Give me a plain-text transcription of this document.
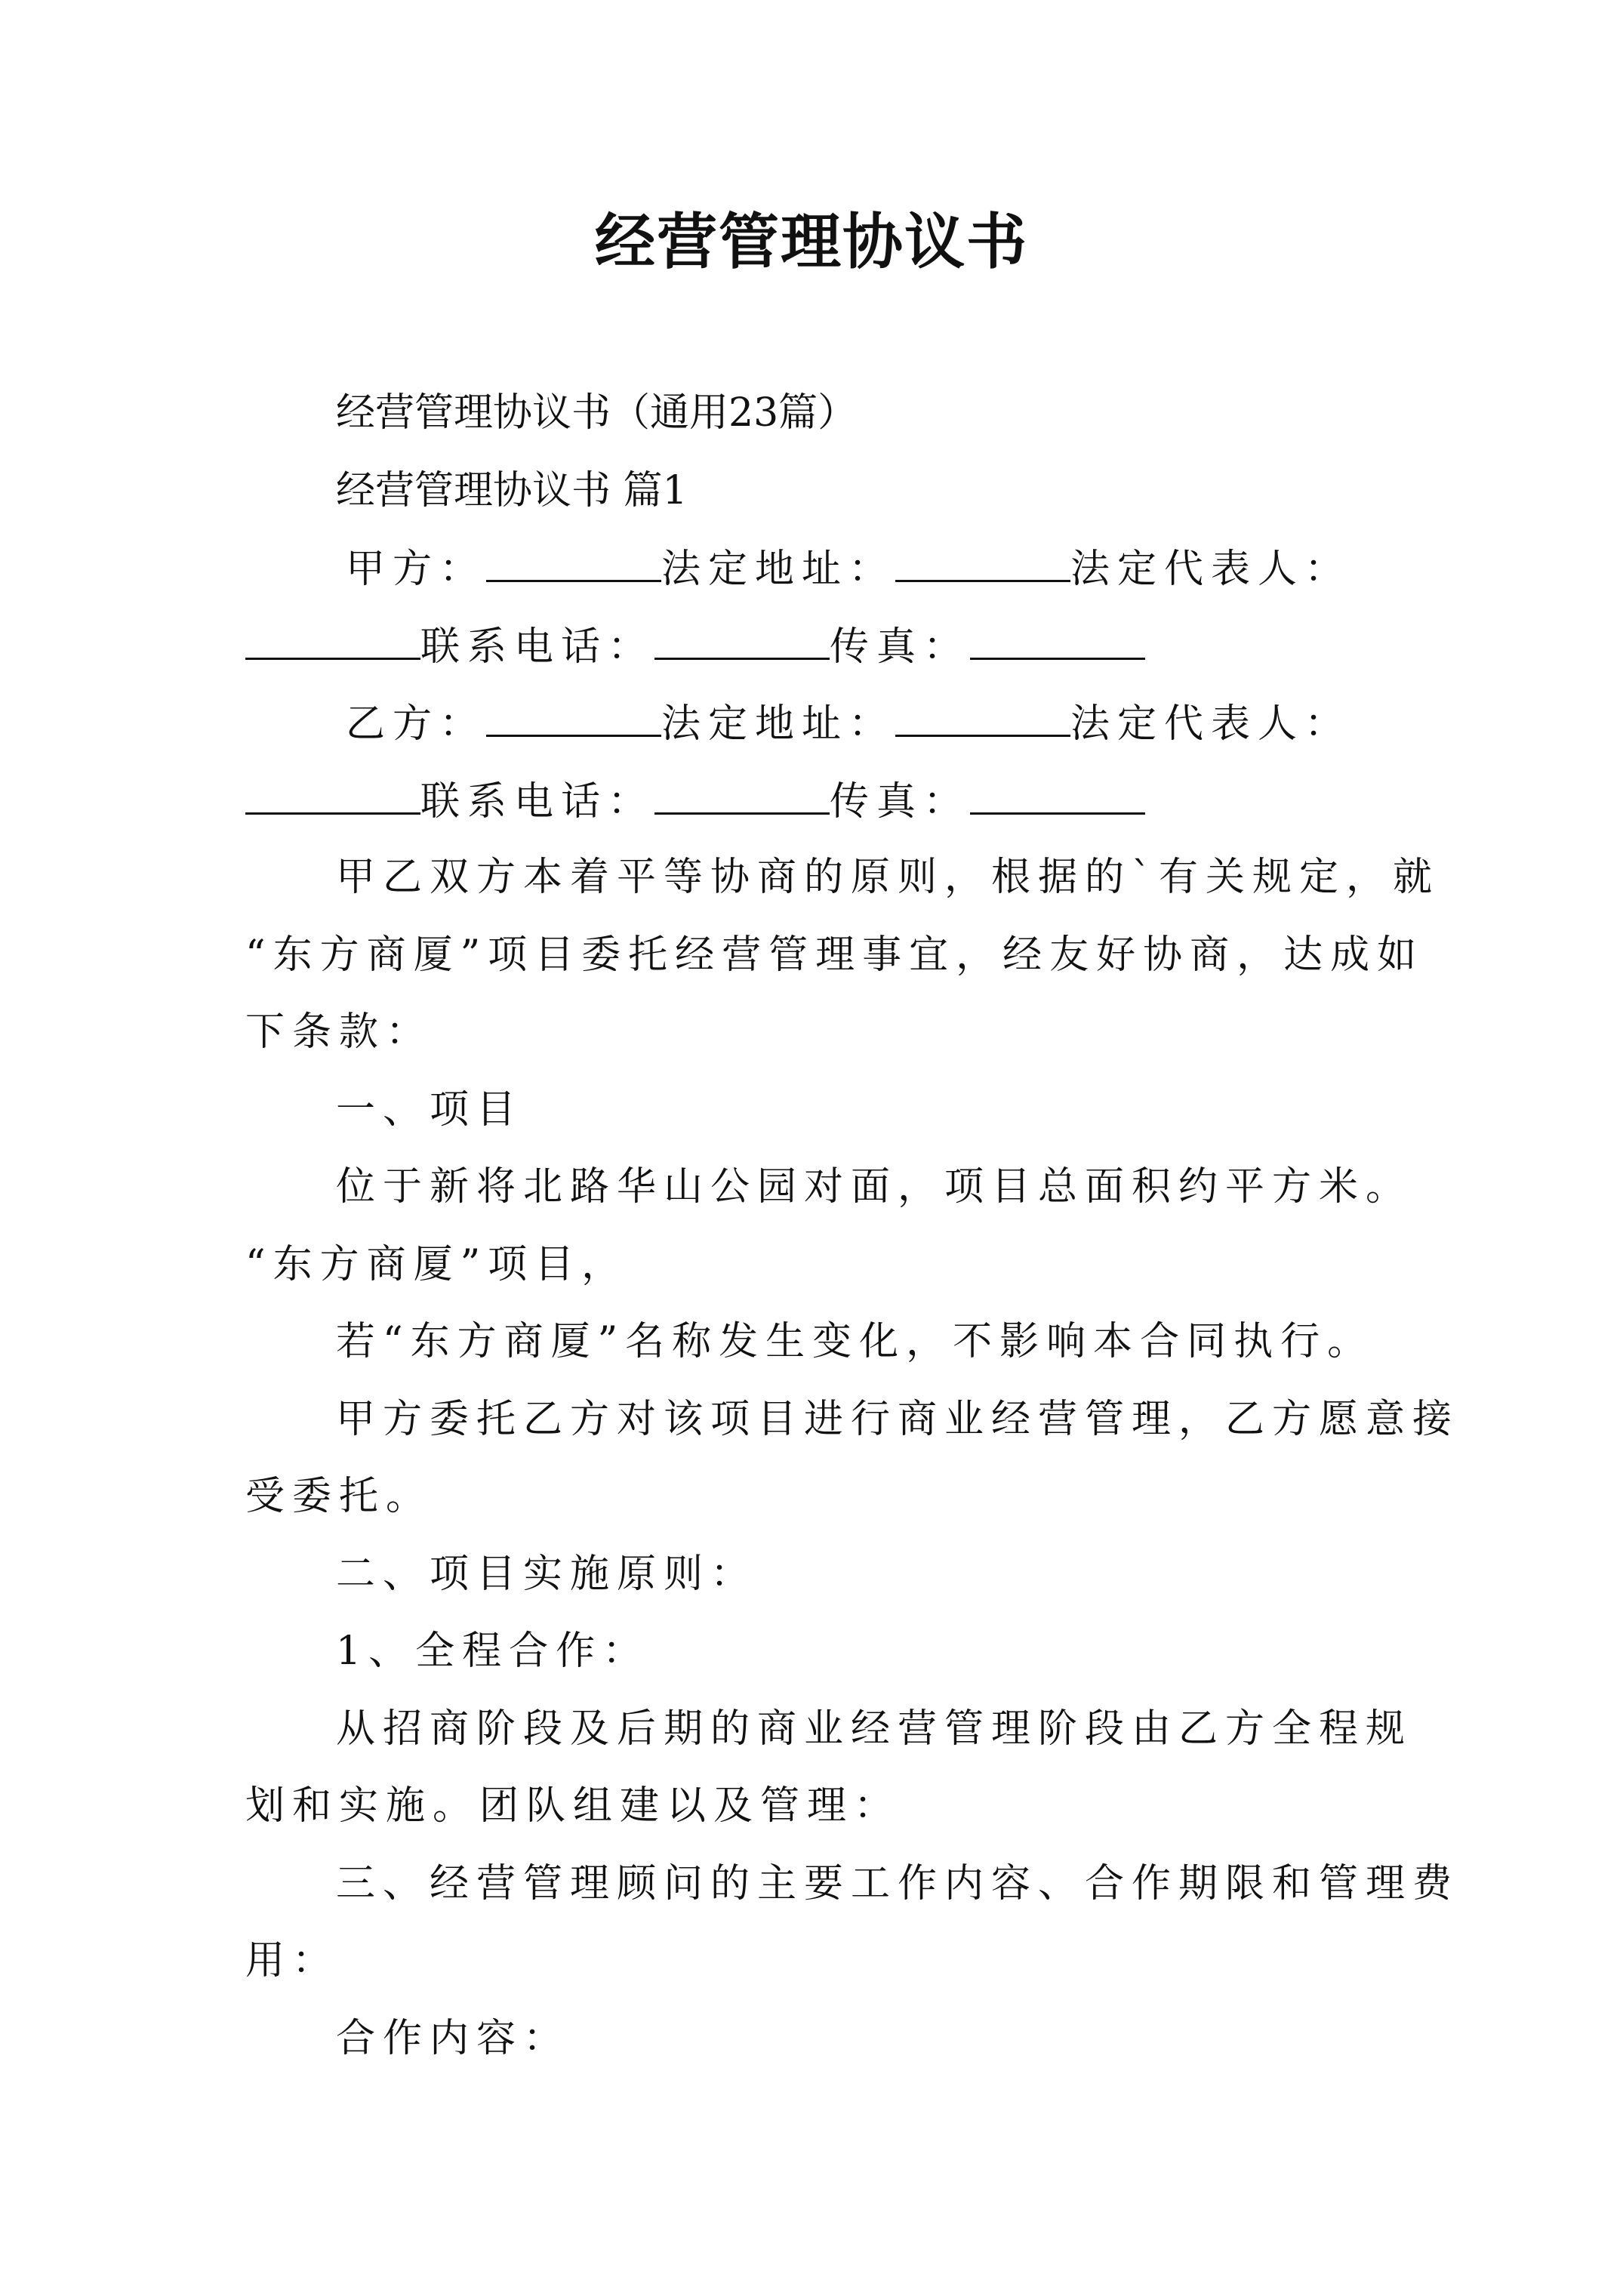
经营管理协议书
经营管理协议书（通用23篇）
经营管理协议书 篇1
甲方：	法定地址：	法定代表人：
联系电话：	传真：
乙方：	法定地址：	法定代表人：
联系电话：	传真：
甲乙双方本着平等协商的原则，根据的`有关规定，就
“东方商厦”项目委托经营管理事宜，经友好协商，达成如
下条款：
一、项目
位于新将北路华山公园对面，项目总面积约平方米。
“东方商厦”项目，
若“东方商厦”名称发生变化，不影响本合同执行。
甲方委托乙方对该项目进行商业经营管理，乙方愿意接
受委托。
二、项目实施原则：
1、全程合作：
从招商阶段及后期的商业经营管理阶段由乙方全程规
划和实施。团队组建以及管理：
三、经营管理顾问的主要工作内容、合作期限和管理费
用：
合作内容：
